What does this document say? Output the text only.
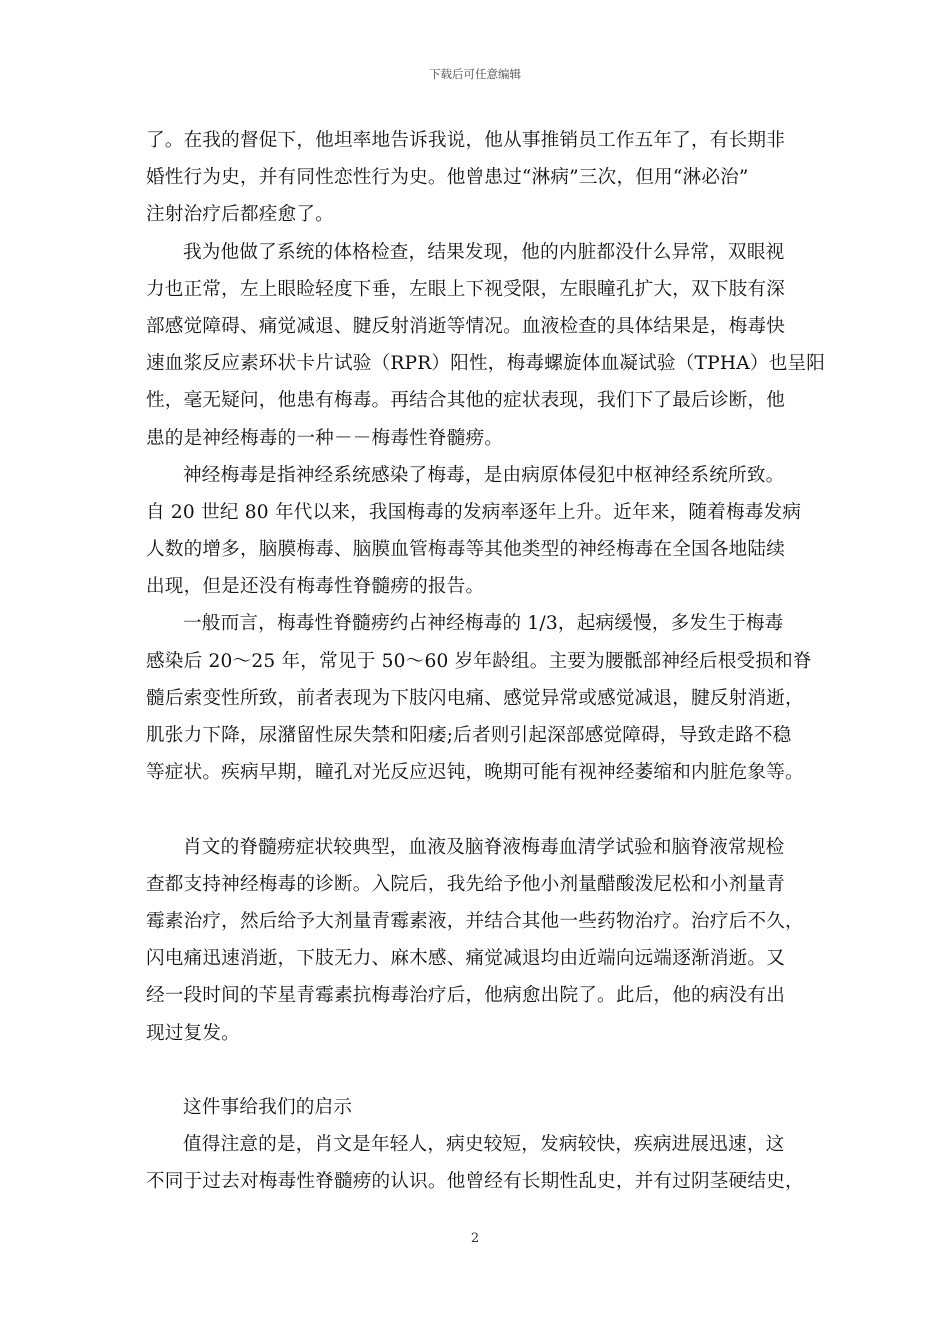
下载后可任意编辑
了。在我的督促下，他坦率地告诉我说，他从事推销员工作五年了，有长期非
婚性行为史，并有同性恋性行为史。他曾患过“淋病”三次，但用“淋必治”
注射治疗后都痊愈了。
我为他做了系统的体格检查，结果发现，他的内脏都没什么异常，双眼视
力也正常，左上眼睑轻度下垂，左眼上下视受限，左眼瞳孔扩大，双下肢有深
部感觉障碍、痛觉减退、腱反射消逝等情况。血液检查的具体结果是，梅毒快
速血浆反应素环状卡片试验（RPR）阳性，梅毒螺旋体血凝试验（TPHA）也呈阳
性，毫无疑问，他患有梅毒。再结合其他的症状表现，我们下了最后诊断，他
患的是神经梅毒的一种－－梅毒性脊髓痨。
神经梅毒是指神经系统感染了梅毒，是由病原体侵犯中枢神经系统所致。
自 20 世纪 80 年代以来，我国梅毒的发病率逐年上升。近年来，随着梅毒发病
人数的增多，脑膜梅毒、脑膜血管梅毒等其他类型的神经梅毒在全国各地陆续
出现，但是还没有梅毒性脊髓痨的报告。
一般而言，梅毒性脊髓痨约占神经梅毒的 1/3，起病缓慢，多发生于梅毒
感染后 20～25 年，常见于 50～60 岁年龄组。主要为腰骶部神经后根受损和脊
髓后索变性所致，前者表现为下肢闪电痛、感觉异常或感觉减退，腱反射消逝，
肌张力下降，尿潴留性尿失禁和阳痿;后者则引起深部感觉障碍，导致走路不稳
等症状。疾病早期，瞳孔对光反应迟钝，晚期可能有视神经萎缩和内脏危象等。
肖文的脊髓痨症状较典型，血液及脑脊液梅毒血清学试验和脑脊液常规检
查都支持神经梅毒的诊断。入院后，我先给予他小剂量醋酸泼尼松和小剂量青
霉素治疗，然后给予大剂量青霉素液，并结合其他一些药物治疗。治疗后不久，
闪电痛迅速消逝，下肢无力、麻木感、痛觉减退均由近端向远端逐渐消逝。又
经一段时间的苄星青霉素抗梅毒治疗后，他病愈出院了。此后，他的病没有出
现过复发。
这件事给我们的启示
值得注意的是，肖文是年轻人，病史较短，发病较快，疾病进展迅速，这
不同于过去对梅毒性脊髓痨的认识。他曾经有长期性乱史，并有过阴茎硬结史，
2
